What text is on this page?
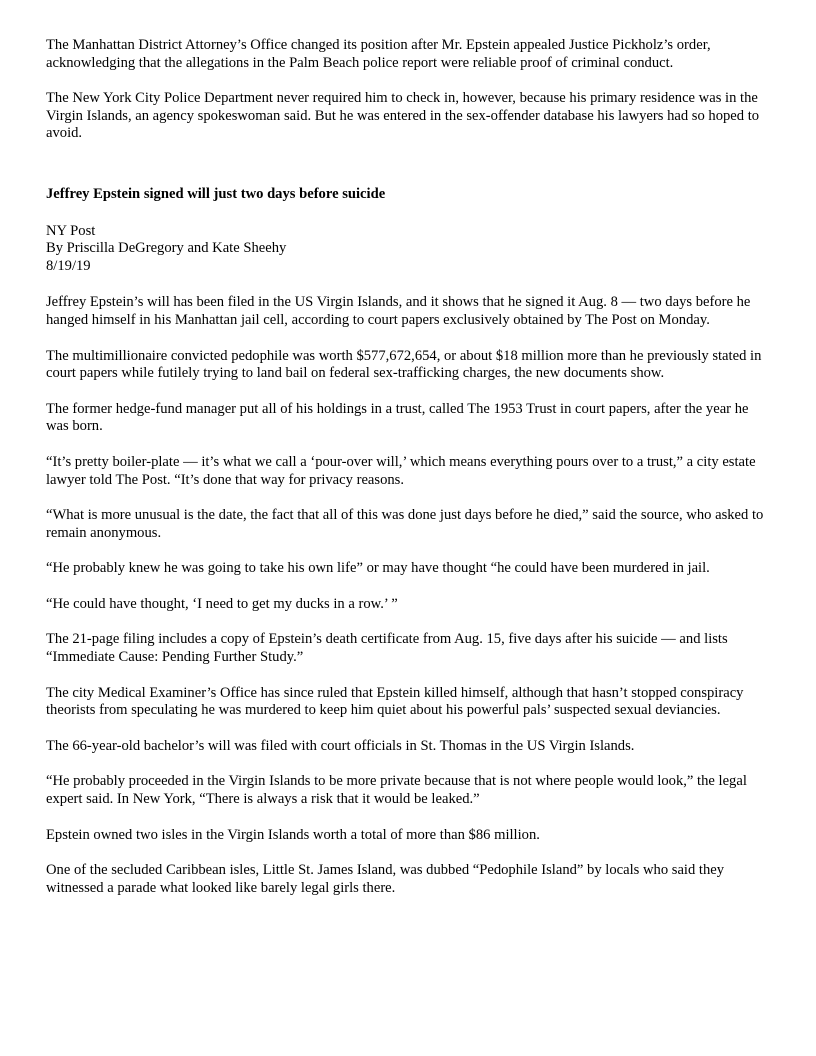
The Manhattan District Attorney’s Office changed its position after Mr. Epstein appealed Justice Pickholz’s order, acknowledging that the allegations in the Palm Beach police report were reliable proof of criminal conduct.

The New York City Police Department never required him to check in, however, because his primary residence was in the Virgin Islands, an agency spokeswoman said. But he was entered in the sex-offender database his lawyers had so hoped to avoid.

Jeffrey Epstein signed will just two days before suicide

NY Post
By Priscilla DeGregory and Kate Sheehy
8/19/19

Jeffrey Epstein’s will has been filed in the US Virgin Islands, and it shows that he signed it Aug. 8 — two days before he hanged himself in his Manhattan jail cell, according to court papers exclusively obtained by The Post on Monday.

The multimillionaire convicted pedophile was worth $577,672,654, or about $18 million more than he previously stated in court papers while futilely trying to land bail on federal sex-trafficking charges, the new documents show.

The former hedge-fund manager put all of his holdings in a trust, called The 1953 Trust in court papers, after the year he was born.

“It’s pretty boiler-plate — it’s what we call a ‘pour-over will,’ which means everything pours over to a trust,” a city estate lawyer told The Post. “It’s done that way for privacy reasons.

“What is more unusual is the date, the fact that all of this was done just days before he died,” said the source, who asked to remain anonymous.

“He probably knew he was going to take his own life” or may have thought “he could have been murdered in jail.

“He could have thought, ‘I need to get my ducks in a row.’ ”

The 21-page filing includes a copy of Epstein’s death certificate from Aug. 15, five days after his suicide — and lists “Immediate Cause: Pending Further Study.”

The city Medical Examiner’s Office has since ruled that Epstein killed himself, although that hasn’t stopped conspiracy theorists from speculating he was murdered to keep him quiet about his powerful pals’ suspected sexual deviancies.

The 66-year-old bachelor’s will was filed with court officials in St. Thomas in the US Virgin Islands.

“He probably proceeded in the Virgin Islands to be more private because that is not where people would look,” the legal expert said. In New York, “There is always a risk that it would be leaked.”

Epstein owned two isles in the Virgin Islands worth a total of more than $86 million.

One of the secluded Caribbean isles, Little St. James Island, was dubbed “Pedophile Island” by locals who said they witnessed a parade what looked like barely legal girls there.
